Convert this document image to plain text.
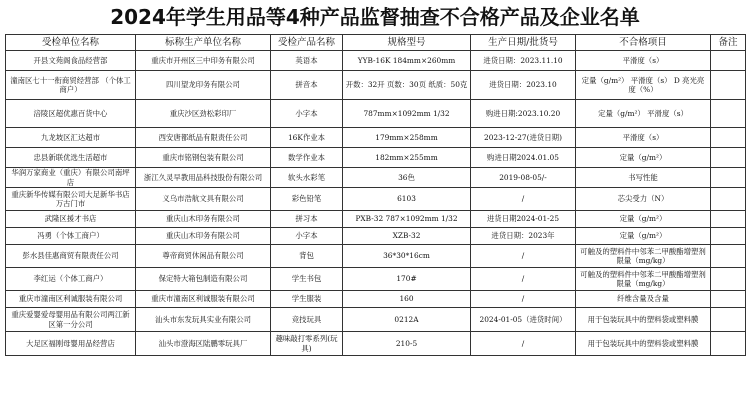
2024年学生用品等4种产品监督抽查不合格产品及企业名单
受检单位名称	标称生产单位名称	受检产品名称	规格型号	生产日期/批货号	不合格项目	备注
开县文苑阁食品经营部	重庆市开州区三中印务有限公司	英语本	YYB-16K 184mm×260mm	进货日期：2023.11.10	平滑度（s）	
潼南区七十一衔商贸经营部 （个体工商户）	四川望龙印务有限公司	拼音本	开数：32开 页数：30页 纸质：50克	进货日期：2023.10	定量（g/m²） 平滑度（s） D 亮光亮度（%）	
涪陵区超优惠百货中心	重庆沙区劲松彩印厂	小字本	787mm×1092mm 1/32	购进日期:2023.10.20	定量（g/m²） 平滑度（s）	
九龙坡区汇达超市	西安唐都纸品有限责任公司	16K作业本	179mm×258mm	2023-12-27(进货日期)	平滑度（s）	
忠县新联优选生活超市	重庆市铭钢包装有限公司	数学作业本	182mm×255mm	购进日期2024.01.05	定量（g/m²）	
华润万家商业（重庆）有限公司南坪店	浙江久灵早教用品科技股份有限公司	软头水彩笔	36色	2019-08-05/-	书写性能	
重庆新华传媒有限公司大足新华书店万古门市	义乌市浩航文具有限公司	彩色铅笔	6103	/	芯尖受力（N）	
武隆区援才书店	重庆山木印务有限公司	拼习本	PXB-32 787×1092mm 1/32	进货日期2024-01-25	定量（g/m²）	
冯勇（个体工商户）	重庆山木印务有限公司	小字本	XZB-32	进货日期：2023年	定量（g/m²）	
彭水县佳惠商贸有限责任公司	尊帝商贸休闲品有限公司	背包	36*30*16cm	/	可触及的塑料件中邻苯二甲酸酯增塑剂限量（mg/kg）	
李红运（个体工商户）	保定特大箱包制造有限公司	学生书包	170#	/	可触及的塑料件中邻苯二甲酸酯增塑剂限量（mg/kg）	
重庆市潼南区利诚服装有限公司	重庆市潼南区利诚服装有限公司	学生服装	160	/	纤维含量及含量	
重庆爱婴爱母婴用品有限公司两江新区第一分公司	汕头市东发玩具实业有限公司	竞技玩具	0212A	2024-01-05（进货时间）	用于包装玩具中的塑料袋或塑料膜	
大足区福刚母婴用品经营店	汕头市澄海区陆鹏零玩具厂	趣味敲打零系列(玩具)	210-5	/	用于包装玩具中的塑料袋或塑料膜	
